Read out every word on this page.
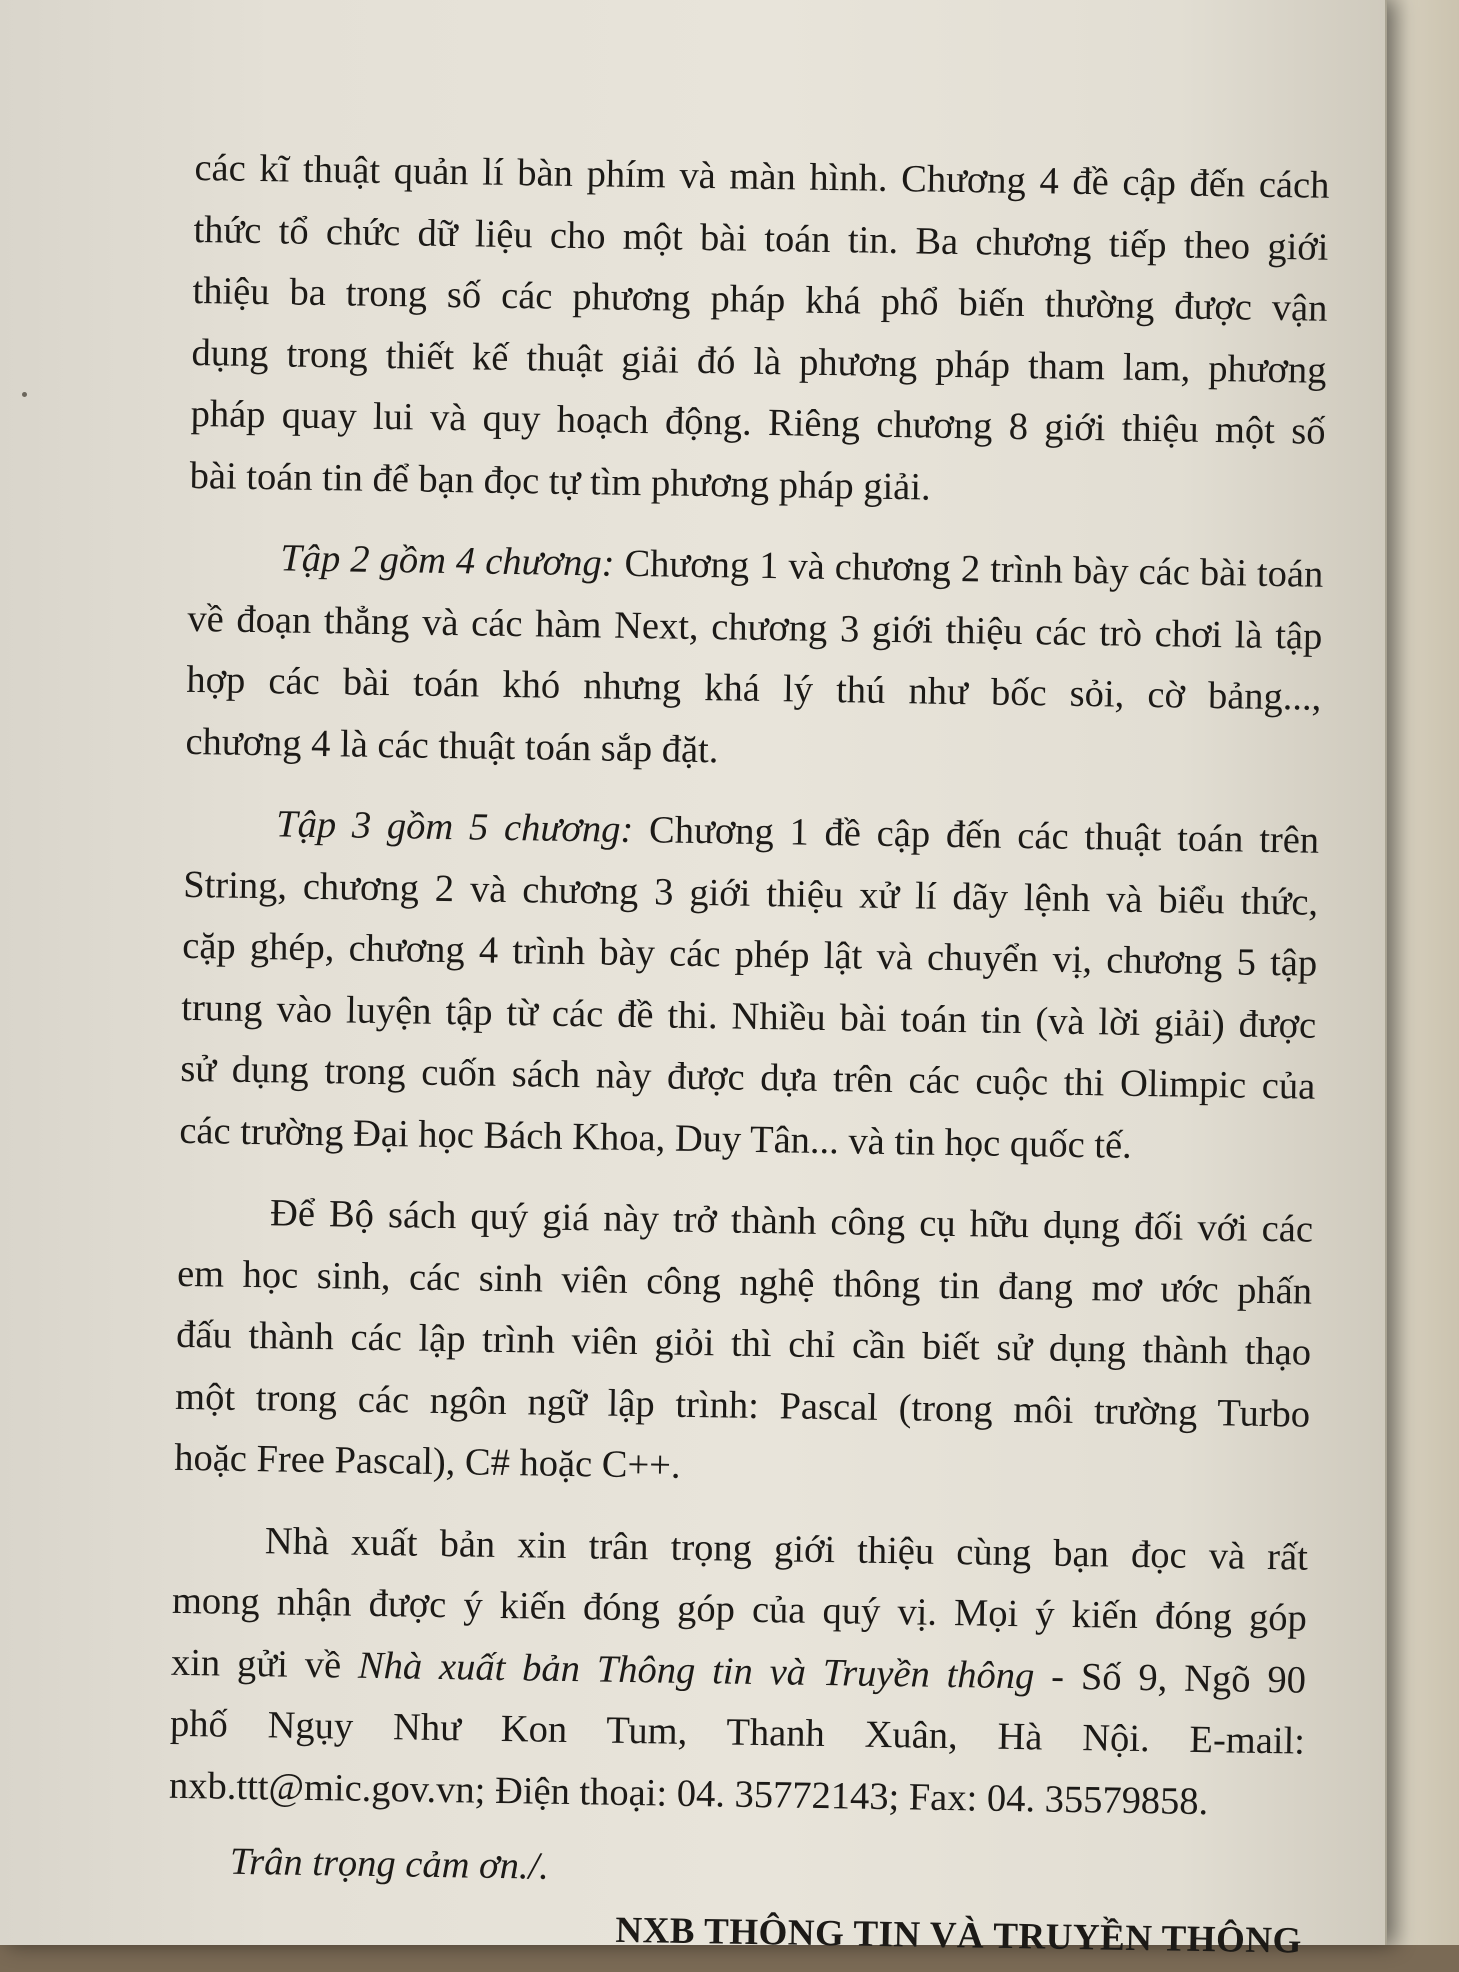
các kĩ thuật quản lí bàn phím và màn hình. Chương 4 đề cập đến cách
thức tổ chức dữ liệu cho một bài toán tin. Ba chương tiếp theo giới
thiệu ba trong số các phương pháp khá phổ biến thường được vận
dụng trong thiết kế thuật giải đó là phương pháp tham lam, phương
pháp quay lui và quy hoạch động. Riêng chương 8 giới thiệu một số
bài toán tin để bạn đọc tự tìm phương pháp giải.
Tập 2 gồm 4 chương: Chương 1 và chương 2 trình bày các bài toán
về đoạn thẳng và các hàm Next, chương 3 giới thiệu các trò chơi là tập
hợp các bài toán khó nhưng khá lý thú như bốc sỏi, cờ bảng...,
chương 4 là các thuật toán sắp đặt.
Tập 3 gồm 5 chương: Chương 1 đề cập đến các thuật toán trên
String, chương 2 và chương 3 giới thiệu xử lí dãy lệnh và biểu thức,
cặp ghép, chương 4 trình bày các phép lật và chuyển vị, chương 5 tập
trung vào luyện tập từ các đề thi. Nhiều bài toán tin (và lời giải) được
sử dụng trong cuốn sách này được dựa trên các cuộc thi Olimpic của
các trường Đại học Bách Khoa, Duy Tân... và tin học quốc tế.
Để Bộ sách quý giá này trở thành công cụ hữu dụng đối với các
em học sinh, các sinh viên công nghệ thông tin đang mơ ước phấn
đấu thành các lập trình viên giỏi thì chỉ cần biết sử dụng thành thạo
một trong các ngôn ngữ lập trình: Pascal (trong môi trường Turbo
hoặc Free Pascal), C# hoặc C++.
Nhà xuất bản xin trân trọng giới thiệu cùng bạn đọc và rất
mong nhận được ý kiến đóng góp của quý vị. Mọi ý kiến đóng góp
xin gửi về Nhà xuất bản Thông tin và Truyền thông - Số 9, Ngõ 90
phố Ngụy Như Kon Tum, Thanh Xuân, Hà Nội. E-mail:
nxb.ttt@mic.gov.vn; Điện thoại: 04. 35772143; Fax: 04. 35579858.
Trân trọng cảm ơn./.
NXB THÔNG TIN VÀ TRUYỀN THÔNG
